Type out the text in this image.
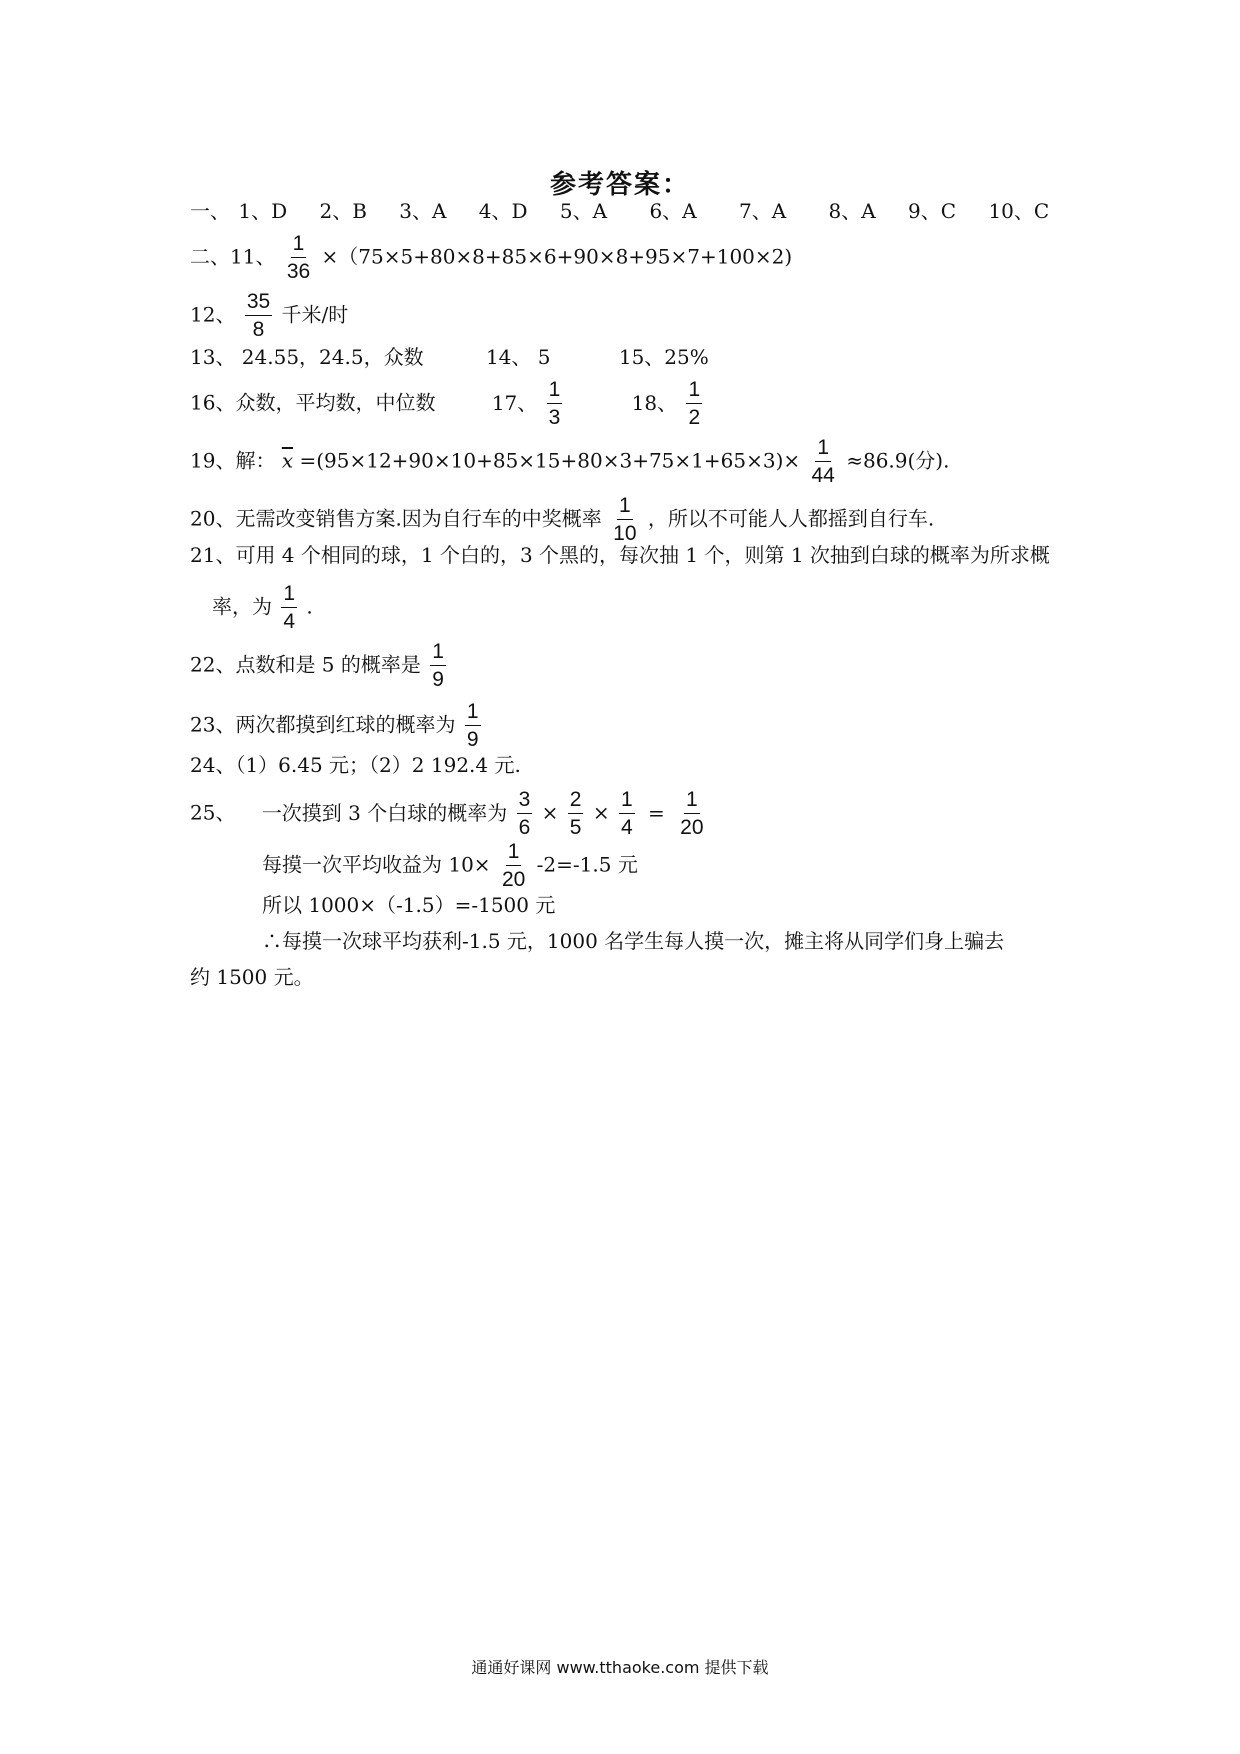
参考答案：
一、 1、D 2、B 3、A 4、D 5、A 6、A 7、A 8、A 9、C 10、C
二、11、 $\frac{1}{36} \times(75\times 5+80\times 8+85\times 6+90\times 8+95\times 7+100\times 2)$
12、 $\frac{35}{8}$ 千米/时
13、 24.55，24.5，众数	14、 5	15、25%
16、众数，平均数，中位数	17、 $\frac{1}{3}$	18、 $\frac{1}{2}$
19、解： $\overline{x} =(95\times 12+90\times 10+85\times 15+80\times 3+75\times 1+65\times 3)\times \frac{1}{44} \approx 86.9$(分).
20、无需改变销售方案.因为自行车的中奖概率 $\frac{1}{10}$ ，所以不可能人人都摇到自行车.
21、可用 4 个相同的球，1 个白的，3 个黑的，每次抽 1 个，则第 1 次抽到白球的概率为所求概
率，为 $\frac{1}{4}$ .
22、点数和是 5 的概率是 $\frac{1}{9}$
23、两次都摸到红球的概率为 $\frac{1}{9}$
24、（1）6.45 元；（2）2 192.4 元.
25、 一次摸到 3 个白球的概率为 $\frac{3}{6} \times \frac{2}{5} \times \frac{1}{4} = \frac{1}{20}$
每摸一次平均收益为 $10\times \frac{1}{20} -2=-1.5$ 元
所以 1000×（-1.5）=-1500 元
∴每摸一次球平均获利-1.5 元，1000 名学生每人摸一次，摊主将从同学们身上骗去
约 1500 元。
通通好课网 www.tthaoke.com 提供下载
